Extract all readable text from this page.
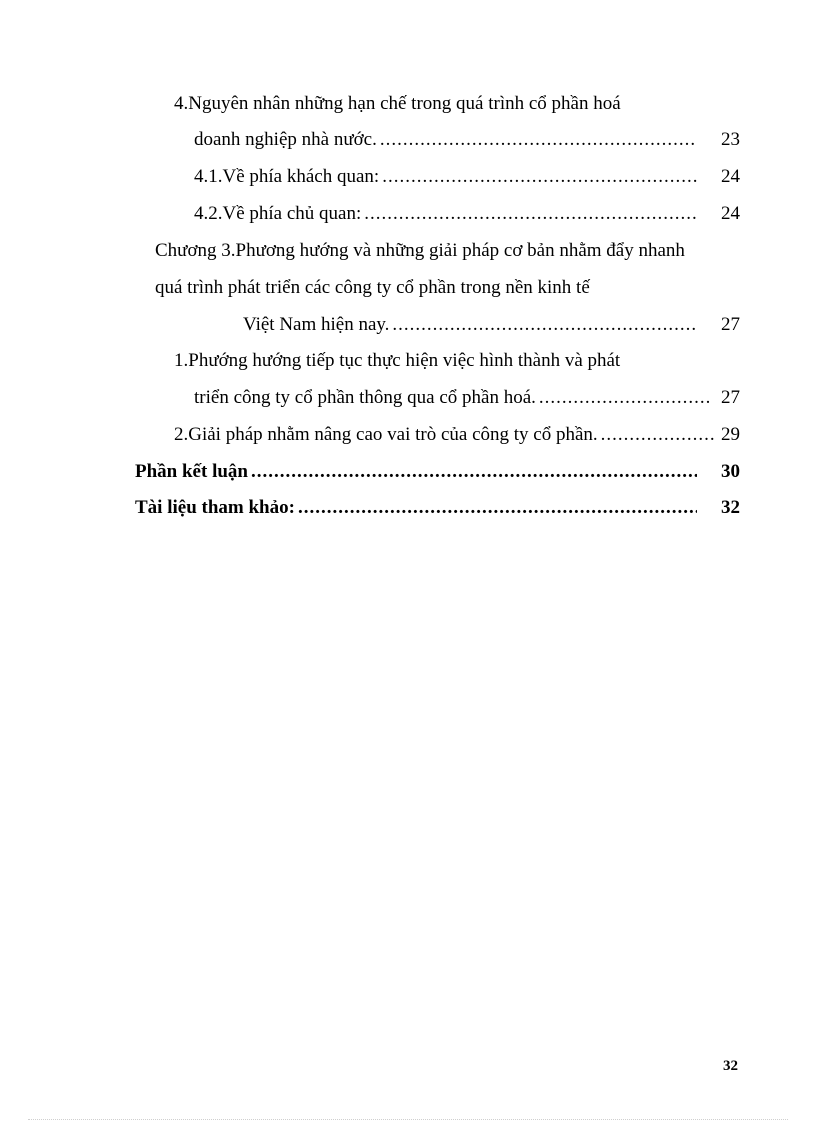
4.Nguyên nhân những hạn chế trong quá trình cổ phần hoá
doanh nghiệp nhà nước. .....	23
4.1.Về phía khách quan: .....	24
4.2.Về phía chủ quan: .....	24
Chương 3.Phương hướng và những giải pháp cơ bản nhằm đẩy nhanh
quá trình phát triển các công ty cổ phần trong nền kinh tế
Việt Nam hiện nay. .....	27
1.Phướng hướng tiếp tục thực hiện việc hình thành và phát
triển công ty cổ phần thông qua cổ phần hoá. .....	27
2.Giải pháp nhằm nâng cao vai trò của công ty cổ phần. .....	29
Phần kết luận .....	30
Tài liệu tham khảo: .....	32
32
